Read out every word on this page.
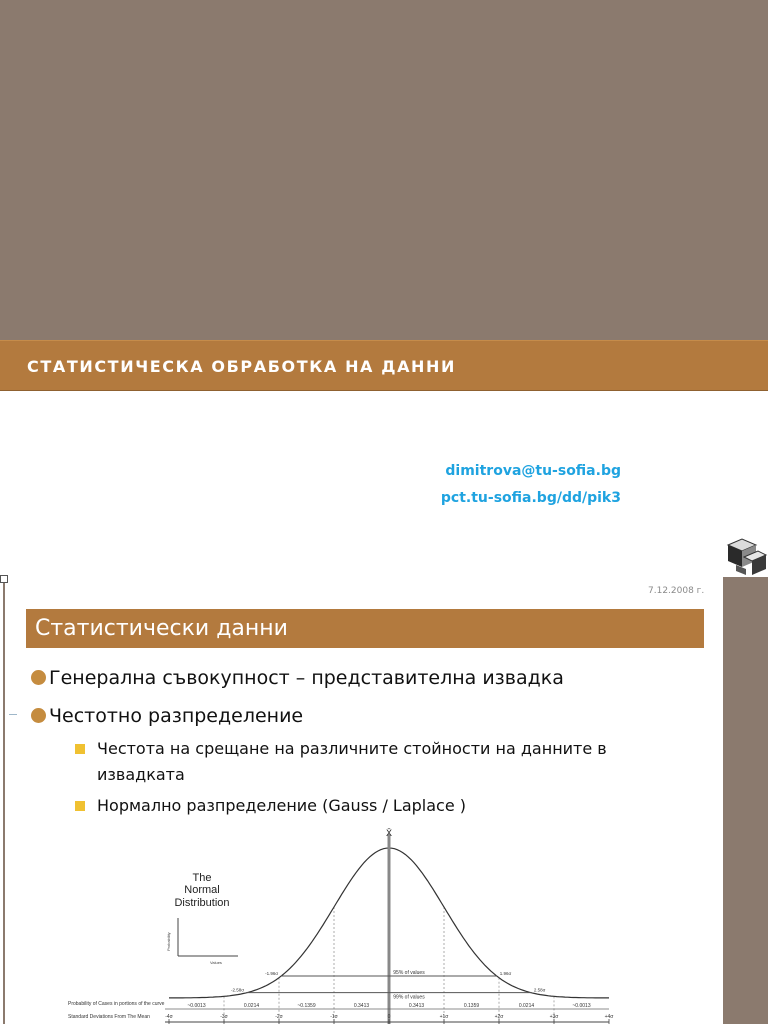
СТАТИСТИЧЕСКА ОБРАБОТКА НА ДАННИ
dimitrova@tu-sofia.bg
pct.tu-sofia.bg/dd/pik3
7.12.2008 г.
Статистически данни
Генерална съвокупност – представителна извадка
Честотно разпределение
Честота на срещане на различните стойности на данните в извадката
Нормално разпределение (Gauss / Laplace )
The
Normal
Distribution
Probability
Values
X̄
95% of values
99% of values
-1.96σ	1.96σ
-2.58σ	2.58σ
~0.0013	0.0214	~0.1359	0.3413	0.3413	0.1359	0.0214	~0.0013
-4σ	-3σ	-2σ	-1σ	0	+1σ	+2σ	+3σ	+4σ
Probability of Cases in portions of the curve
Standard Deviations From The Mean
